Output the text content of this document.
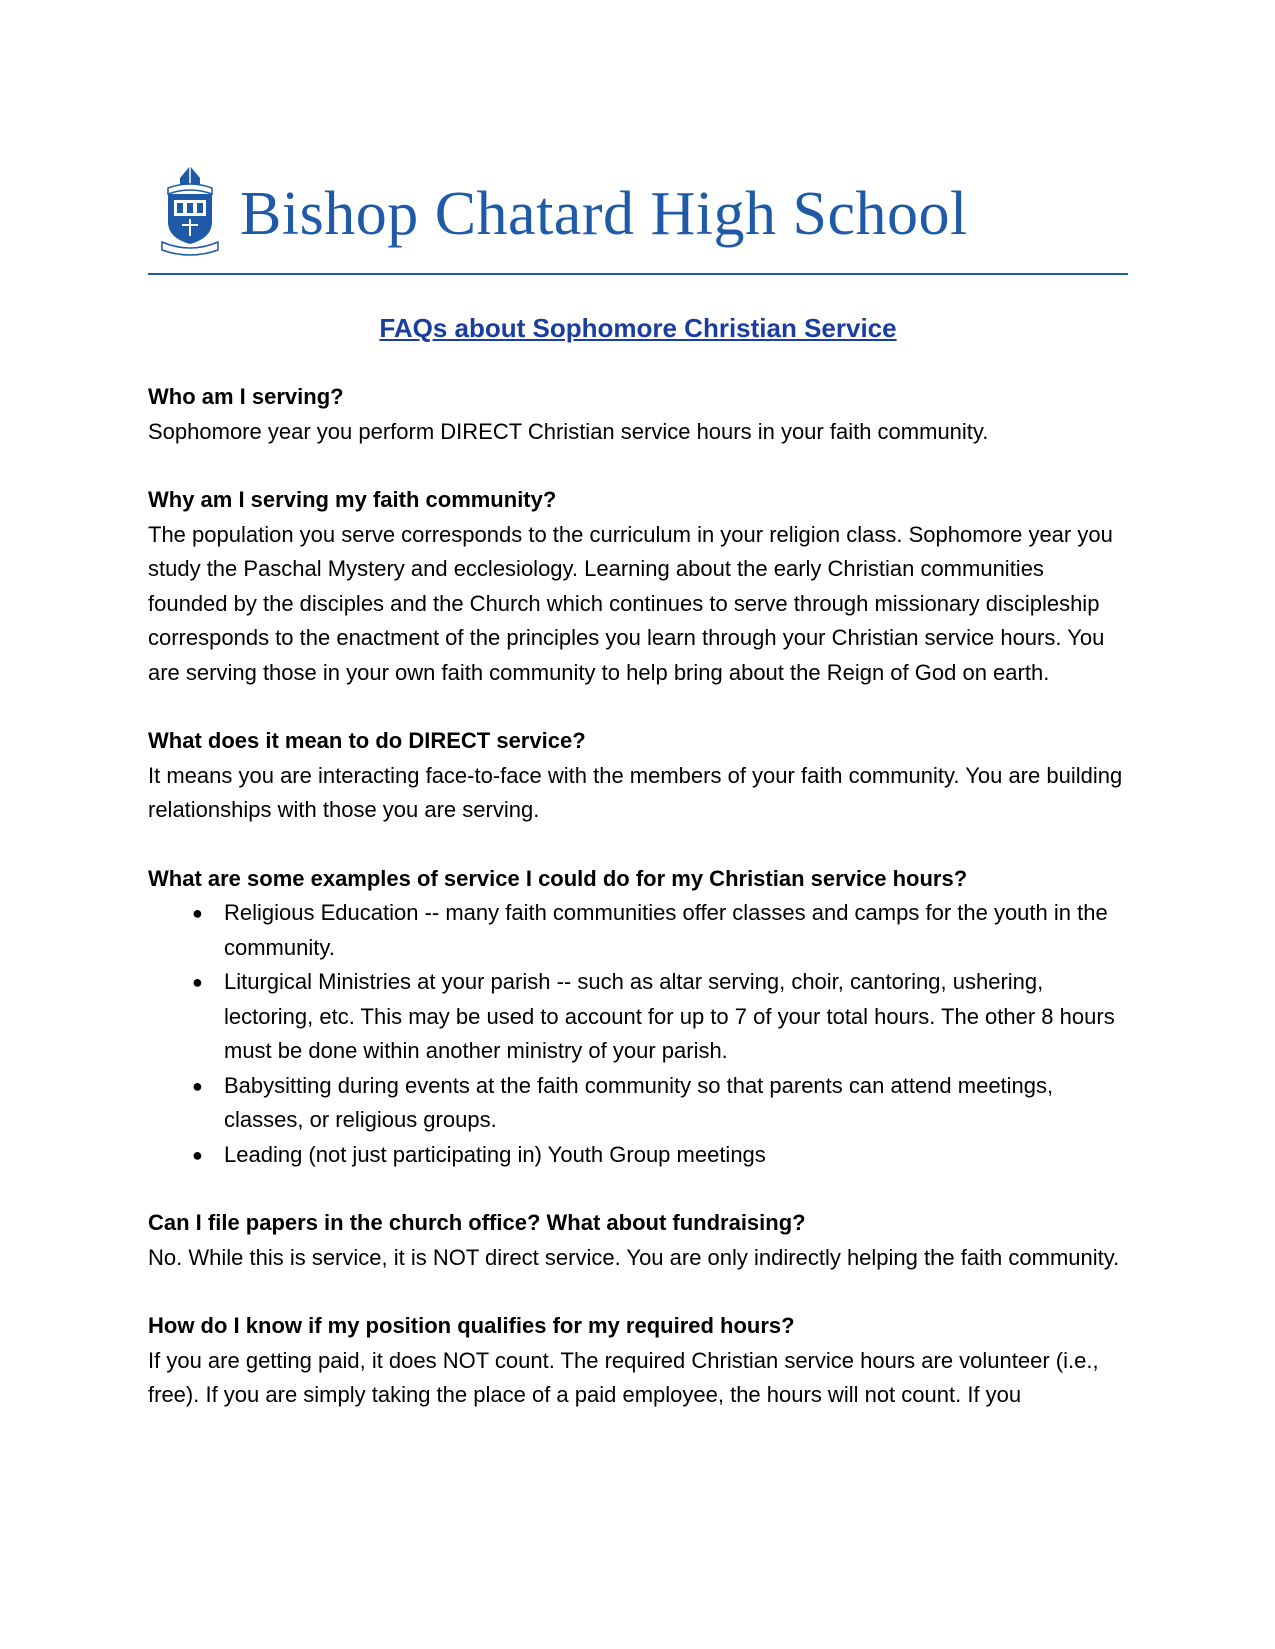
Bishop Chatard High School
FAQs about Sophomore Christian Service

Who am I serving?

Sophomore year you perform DIRECT Christian service hours in your faith community.

Why am I serving my faith community?

The population you serve corresponds to the curriculum in your religion class. Sophomore year you study the Paschal Mystery and ecclesiology. Learning about the early Christian communities founded by the disciples and the Church which continues to serve through missionary discipleship corresponds to the enactment of the principles you learn through your Christian service hours. You are serving those in your own faith community to help bring about the Reign of God on earth.

What does it mean to do DIRECT service?

It means you are interacting face-to-face with the members of your faith community. You are building relationships with those you are serving.

What are some examples of service I could do for my Christian service hours?

● Religious Education -- many faith communities offer classes and camps for the youth in the community.
● Liturgical Ministries at your parish -- such as altar serving, choir, cantoring, ushering, lectoring, etc. This may be used to account for up to 7 of your total hours. The other 8 hours must be done within another ministry of your parish.
● Babysitting during events at the faith community so that parents can attend meetings, classes, or religious groups.
● Leading (not just participating in) Youth Group meetings

Can I file papers in the church office? What about fundraising?

No. While this is service, it is NOT direct service. You are only indirectly helping the faith community.

How do I know if my position qualifies for my required hours?

If you are getting paid, it does NOT count. The required Christian service hours are volunteer (i.e., free). If you are simply taking the place of a paid employee, the hours will not count. If you
